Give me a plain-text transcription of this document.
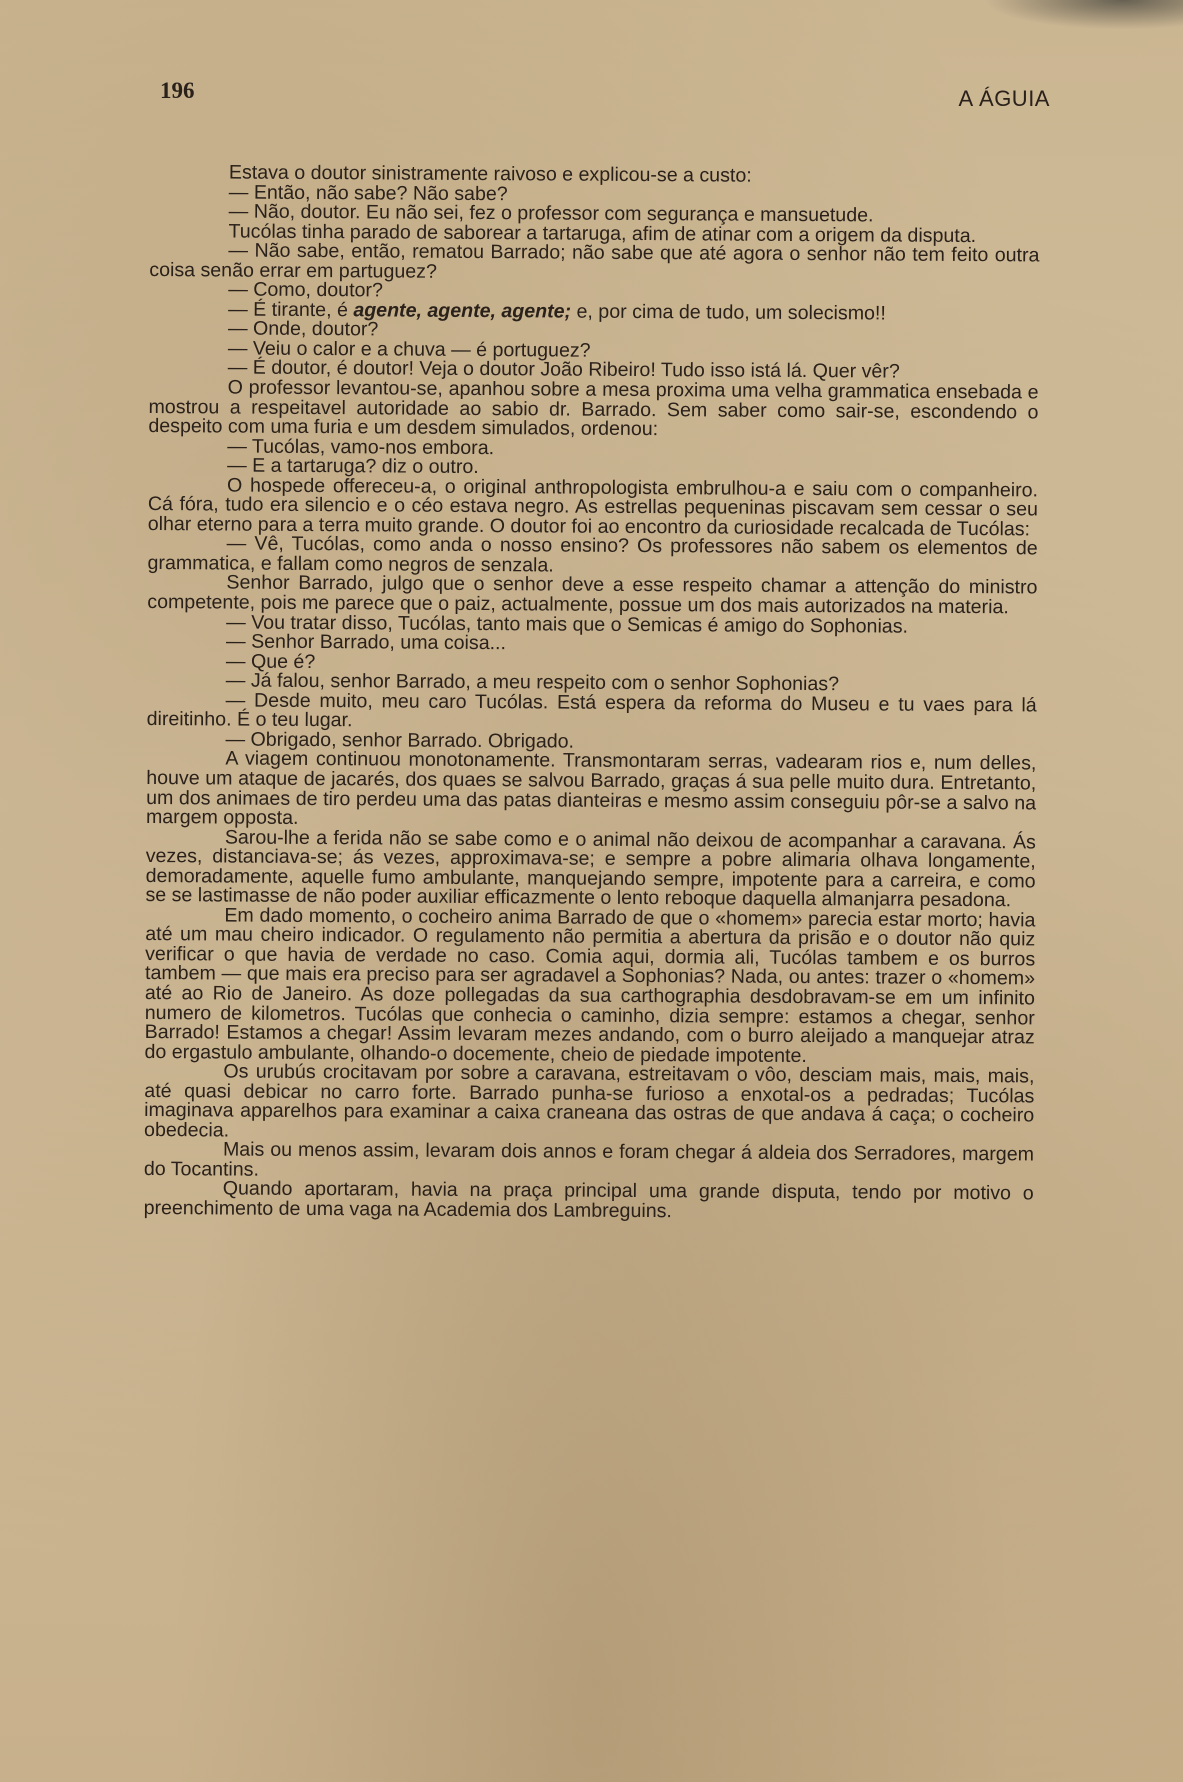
196	A ÁGUIA

Estava o doutor sinistramente raivoso e explicou-se a custo:

— Então, não sabe? Não sabe?

— Não, doutor. Eu não sei, fez o professor com segurança e mansuetude.

Tucólas tinha parado de saborear a tartaruga, afim de atinar com a origem da disputa.

— Não sabe, então, rematou Barrado; não sabe que até agora o senhor não tem feito outra coisa senão errar em partuguez?

— Como, doutor?

— É tirante, é agente, agente, agente; e, por cima de tudo, um solecismo!!

— Onde, doutor?

— Veiu o calor e a chuva — é portuguez?

— É doutor, é doutor! Veja o doutor João Ribeiro! Tudo isso istá lá. Quer vêr?

O professor levantou-se, apanhou sobre a mesa proxima uma velha grammatica ensebada e mostrou a respeitavel autoridade ao sabio dr. Barrado. Sem saber como sair-se, escondendo o despeito com uma furia e um desdem simulados, ordenou:

— Tucólas, vamo-nos embora.

— E a tartaruga? diz o outro.

O hospede offereceu-a, o original anthropologista embrulhou-a e saiu com o companheiro. Cá fóra, tudo era silencio e o céo estava negro. As estrellas pequeninas piscavam sem cessar o seu olhar eterno para a terra muito grande. O doutor foi ao encontro da curiosidade recalcada de Tucólas:

— Vê, Tucólas, como anda o nosso ensino? Os professores não sabem os elementos de grammatica, e fallam como negros de senzala.

Senhor Barrado, julgo que o senhor deve a esse respeito chamar a attenção do ministro competente, pois me parece que o paiz, actualmente, possue um dos mais autorizados na materia.

— Vou tratar disso, Tucólas, tanto mais que o Semicas é amigo do Sophonias.

— Senhor Barrado, uma coisa...

— Que é?

— Já falou, senhor Barrado, a meu respeito com o senhor Sophonias?

— Desde muito, meu caro Tucólas. Está espera da reforma do Museu e tu vaes para lá direitinho. É o teu lugar.

— Obrigado, senhor Barrado. Obrigado.

A viagem continuou monotonamente. Transmontaram serras, vadearam rios e, num delles, houve um ataque de jacarés, dos quaes se salvou Barrado, graças á sua pelle muito dura. Entretanto, um dos animaes de tiro perdeu uma das patas dianteiras e mesmo assim conseguiu pôr-se a salvo na margem opposta.

Sarou-lhe a ferida não se sabe como e o animal não deixou de acompanhar a caravana. Ás vezes, distanciava-se; ás vezes, approximava-se; e sempre a pobre alimaria olhava longamente, demoradamente, aquelle fumo ambulante, manquejando sempre, impotente para a carreira, e como se se lastimasse de não poder auxiliar efficazmente o lento reboque daquella almanjarra pesadona.

Em dado momento, o cocheiro anima Barrado de que o «homem» parecia estar morto; havia até um mau cheiro indicador. O regulamento não permitia a abertura da prisão e o doutor não quiz verificar o que havia de verdade no caso. Comia aqui, dormia ali, Tucólas tambem e os burros tambem — que mais era preciso para ser agradavel a Sophonias? Nada, ou antes: trazer o «homem» até ao Rio de Janeiro. As doze pollegadas da sua carthographia desdobravam-se em um infinito numero de kilometros. Tucólas que conhecia o caminho, dizia sempre: estamos a chegar, senhor Barrado! Estamos a chegar! Assim levaram mezes andando, com o burro aleijado a manquejar atraz do ergastulo ambulante, olhando-o docemente, cheio de piedade impotente.

Os urubús crocitavam por sobre a caravana, estreitavam o vôo, desciam mais, mais, mais, até quasi debicar no carro forte. Barrado punha-se furioso a enxotal-os a pedradas; Tucólas imaginava apparelhos para examinar a caixa craneana das ostras de que andava á caça; o cocheiro obedecia.

Mais ou menos assim, levaram dois annos e foram chegar á aldeia dos Serradores, margem do Tocantins.

Quando aportaram, havia na praça principal uma grande disputa, tendo por motivo o preenchimento de uma vaga na Academia dos Lambreguins.
